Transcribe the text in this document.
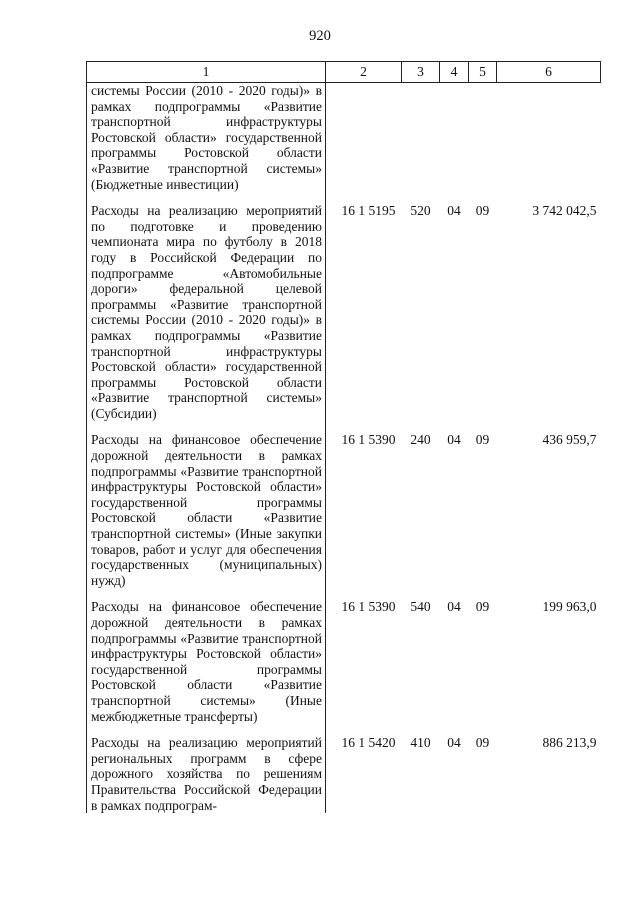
920
1	2	3	4	5	6
системы России (2010 - 2020 годы)» в рамках подпрограммы «Развитие транспортной инфраструктуры Ростовской области» государственной программы Ростовской области «Развитие транспортной системы» (Бюджетные инвестиции)					

Расходы на реализацию мероприятий по подготовке и проведению чемпионата мира по футболу в 2018 году в Российской Федерации по подпрограмме «Автомобильные дороги» федеральной целевой программы «Развитие транспортной системы России (2010 - 2020 годы)» в рамках подпрограммы «Развитие транспортной инфраструктуры Ростовской области» государственной программы Ростовской области «Развитие транспортной системы» (Субсидии)	16 1 5195	520	04	09	3 742 042,5

Расходы на финансовое обеспечение дорожной деятельности в рамках подпрограммы «Развитие транспортной инфраструктуры Ростовской области» государственной программы Ростовской области «Развитие транспортной системы» (Иные закупки товаров, работ и услуг для обеспечения государственных (муниципальных) нужд)	16 1 5390	240	04	09	436 959,7

Расходы на финансовое обеспечение дорожной деятельности в рамках подпрограммы «Развитие транспортной инфраструктуры Ростовской области» государственной программы Ростовской области «Развитие транспортной системы» (Иные межбюджетные трансферты)	16 1 5390	540	04	09	199 963,0

Расходы на реализацию мероприятий региональных программ в сфере дорожного хозяйства по решениям Правительства Российской Федерации в рамках подпрограм-	16 1 5420	410	04	09	886 213,9
